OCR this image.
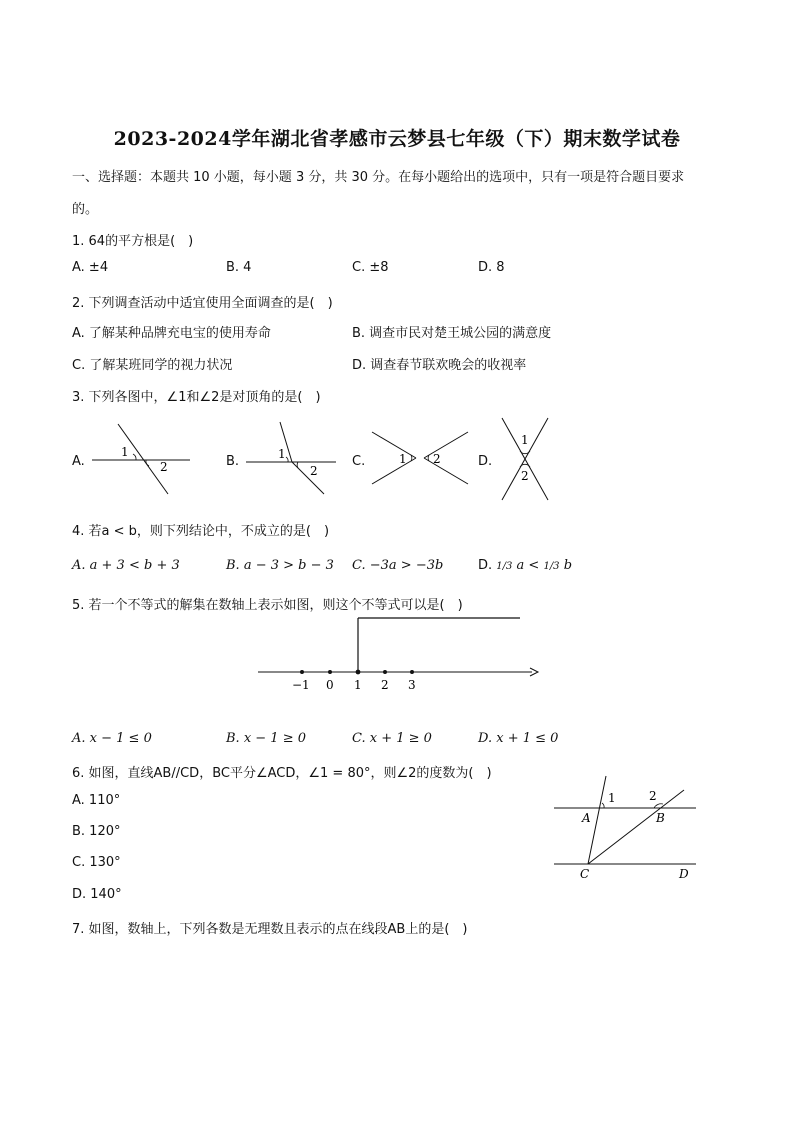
2023-2024学年湖北省孝感市云梦县七年级（下）期末数学试卷
一、选择题：本题共 10 小题，每小题 3 分，共 30 分。在每小题给出的选项中，只有一项是符合题目要求
的。
1. 64的平方根是(　)
A. ±4	B. 4	C. ±8	D. 8
2. 下列调查活动中适宜使用全面调查的是(　)
A. 了解某种品牌充电宝的使用寿命	B. 调查市民对楚王城公园的满意度
C. 了解某班同学的视力状况	D. 调查春节联欢晚会的收视率
3. 下列各图中，∠1和∠2是对顶角的是(　)
A.	B.	C.	D.
1
2
1
2
1 2
1
2
4. 若a < b，则下列结论中，不成立的是(　)
A. a + 3 < b + 3	B. a − 3 > b − 3 C. −3a > −3b	D. 1/3 a < 1/3 b
5. 若一个不等式的解集在数轴上表示如图，则这个不等式可以是(　)
−1 0 1 2 3
A. x − 1 ≤ 0	B. x − 1 ≥ 0	C. x + 1 ≥ 0	D. x + 1 ≤ 0
6. 如图，直线AB//CD，BC平分∠ACD，∠1 = 80°，则∠2的度数为(　)
A. 110°
B. 120°
C. 130°
D. 140°
1	2
A	B
C	D
7. 如图，数轴上，下列各数是无理数且表示的点在线段AB上的是(　)
